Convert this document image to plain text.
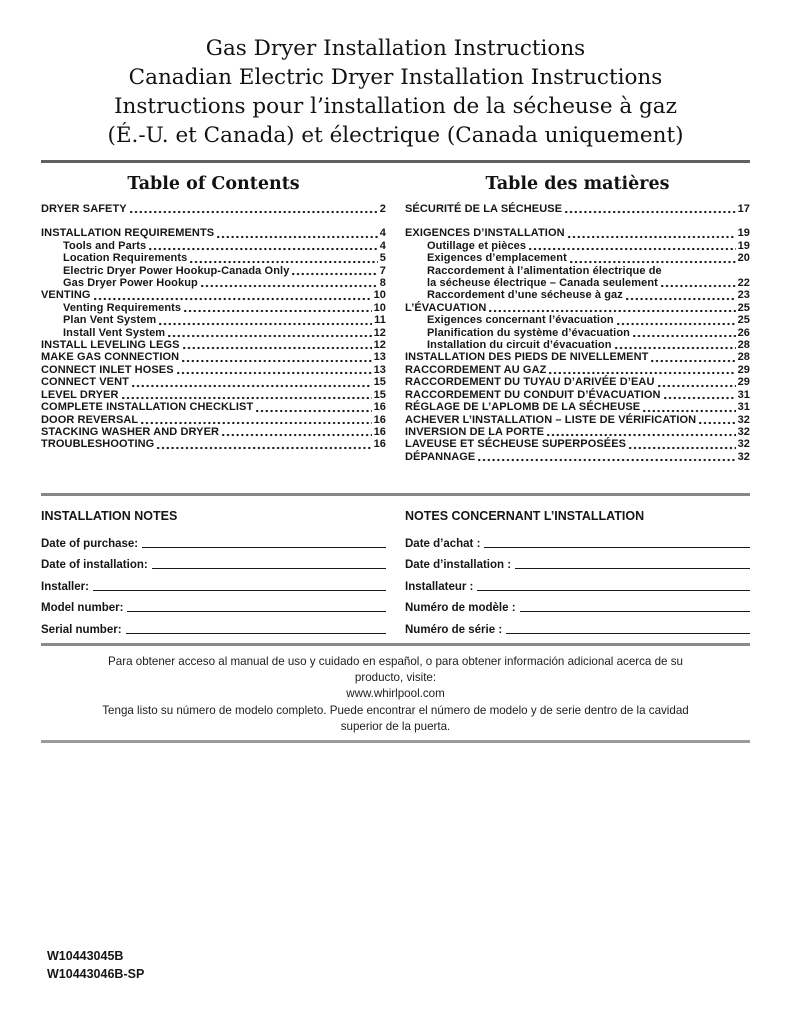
Gas Dryer Installation Instructions
Canadian Electric Dryer Installation Instructions
Instructions pour l’installation de la sécheuse à gaz
(É.-U. et Canada) et électrique (Canada uniquement)
Table of Contents
DRYER SAFETY	2
INSTALLATION REQUIREMENTS	4
Tools and Parts	4
Location Requirements	5
Electric Dryer Power Hookup-Canada Only	7
Gas Dryer Power Hookup	8
VENTING	10
Venting Requirements	10
Plan Vent System	11
Install Vent System	12
INSTALL LEVELING LEGS	12
MAKE GAS CONNECTION	13
CONNECT INLET HOSES	13
CONNECT VENT	15
LEVEL DRYER	15
COMPLETE INSTALLATION CHECKLIST	16
DOOR REVERSAL	16
STACKING WASHER AND DRYER	16
TROUBLESHOOTING	16
Table des matières
SÉCURITÉ DE LA SÉCHEUSE	17
EXIGENCES D’INSTALLATION	19
Outillage et pièces	19
Exigences d’emplacement	20
Raccordement à l’alimentation électrique de
la sécheuse électrique – Canada seulement	22
Raccordement d’une sécheuse à gaz	23
L’ÉVACUATION	25
Exigences concernant l’évacuation	25
Planification du système d’évacuation	26
Installation du circuit d’évacuation	28
INSTALLATION DES PIEDS DE NIVELLEMENT	28
RACCORDEMENT AU GAZ	29
RACCORDEMENT DU TUYAU D’ARIVÉE D’EAU	29
RACCORDEMENT DU CONDUIT D’ÉVACUATION	31
RÉGLAGE DE L’APLOMB DE LA SÉCHEUSE	31
ACHEVER L’INSTALLATION – LISTE DE VÉRIFICATION	32
INVERSION DE LA PORTE	32
LAVEUSE ET SÉCHEUSE SUPERPOSÉES	32
DÉPANNAGE	32
INSTALLATION NOTES
Date of purchase:
Date of installation:
Installer:
Model number:
Serial number:
NOTES CONCERNANT L’INSTALLATION
Date d’achat :
Date d’installation :
Installateur :
Numéro de modèle :
Numéro de série :
Para obtener acceso al manual de uso y cuidado en español, o para obtener información adicional acerca de su
producto, visite:
www.whirlpool.com
Tenga listo su número de modelo completo. Puede encontrar el número de modelo y de serie dentro de la cavidad
superior de la puerta.
W10443045B
W10443046B-SP
